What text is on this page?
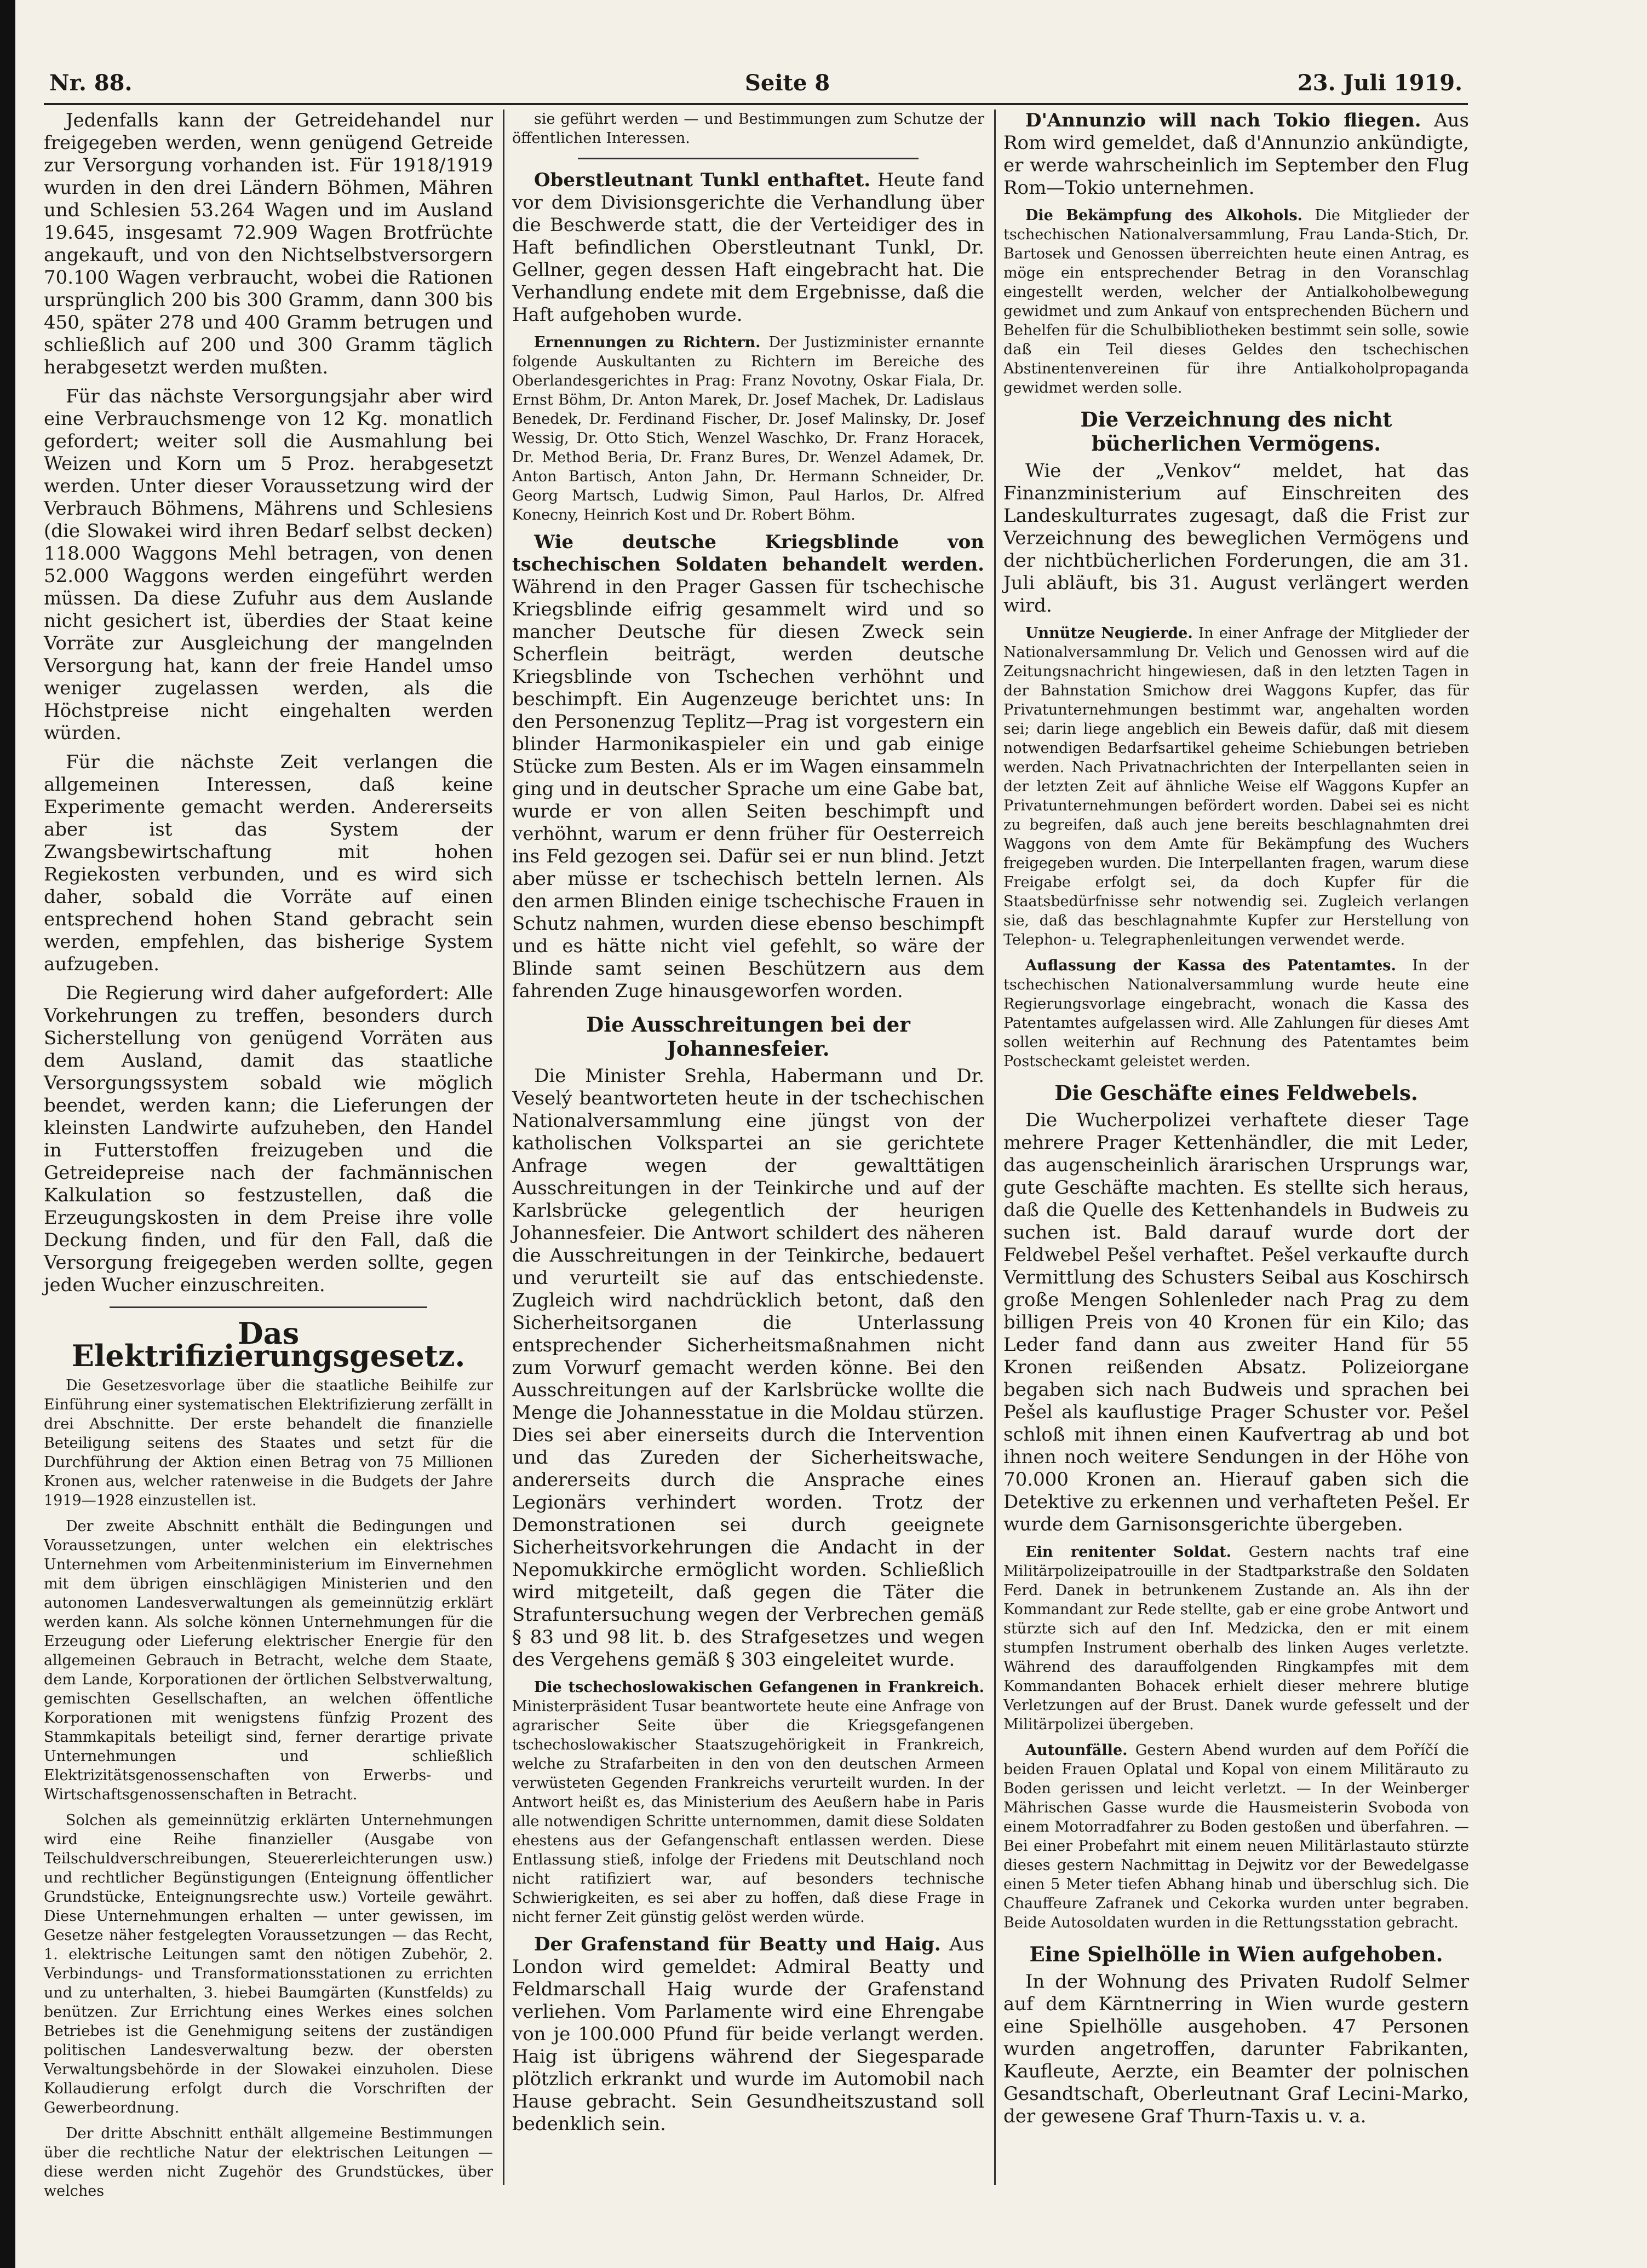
Nr. 88.	Seite 8	23. Juli 1919.

Jedenfalls kann der Getreidehandel nur freigegeben werden, wenn genügend Getreide zur Versorgung vorhanden ist. Für 1918/1919 wurden in den drei Ländern Böhmen, Mähren und Schlesien 53.264 Wagen und im Ausland 19.645, insgesamt 72.909 Wagen Brotfrüchte angekauft, und von den Nichtselbstversorgern 70.100 Wagen verbraucht, wobei die Rationen ursprünglich 200 bis 300 Gramm, dann 300 bis 450, später 278 und 400 Gramm betrugen und schließlich auf 200 und 300 Gramm täglich herabgesetzt werden mußten.

Für das nächste Versorgungsjahr aber wird eine Verbrauchsmenge von 12 Kg. monatlich gefordert; weiter soll die Ausmahlung bei Weizen und Korn um 5 Proz. herabgesetzt werden. Unter dieser Voraussetzung wird der Verbrauch Böhmens, Mährens und Schlesiens (die Slowakei wird ihren Bedarf selbst decken) 118.000 Waggons Mehl betragen, von denen 52.000 Waggons werden eingeführt werden müssen. Da diese Zufuhr aus dem Auslande nicht gesichert ist, überdies der Staat keine Vorräte zur Ausgleichung der mangelnden Versorgung hat, kann der freie Handel umso weniger zugelassen werden, als die Höchstpreise nicht eingehalten werden würden.

Für die nächste Zeit verlangen die allgemeinen Interessen, daß keine Experimente gemacht werden. Andererseits aber ist das System der Zwangsbewirtschaftung mit hohen Regiekosten verbunden, und es wird sich daher, sobald die Vorräte auf einen entsprechend hohen Stand gebracht sein werden, empfehlen, das bisherige System aufzugeben.

Die Regierung wird daher aufgefordert: Alle Vorkehrungen zu treffen, besonders durch Sicherstellung von genügend Vorräten aus dem Ausland, damit das staatliche Versorgungssystem sobald wie möglich beendet, werden kann; die Lieferungen der kleinsten Landwirte aufzuheben, den Handel in Futterstoffen freizugeben und die Getreidepreise nach der fachmännischen Kalkulation so festzustellen, daß die Erzeugungskosten in dem Preise ihre volle Deckung finden, und für den Fall, daß die Versorgung freigegeben werden sollte, gegen jeden Wucher einzuschreiten.

Das Elektrifizierungsgesetz.

Die Gesetzesvorlage über die staatliche Beihilfe zur Einführung einer systematischen Elektrifizierung zerfällt in drei Abschnitte. Der erste behandelt die finanzielle Beteiligung seitens des Staates und setzt für die Durchführung der Aktion einen Betrag von 75 Millionen Kronen aus, welcher ratenweise in die Budgets der Jahre 1919—1928 einzustellen ist.

Der zweite Abschnitt enthält die Bedingungen und Voraussetzungen, unter welchen ein elektrisches Unternehmen vom Arbeitenministerium im Einvernehmen mit dem übrigen einschlägigen Ministerien und den autonomen Landesverwaltungen als gemeinnützig erklärt werden kann. Als solche können Unternehmungen für die Erzeugung oder Lieferung elektrischer Energie für den allgemeinen Gebrauch in Betracht, welche dem Staate, dem Lande, Korporationen der örtlichen Selbstverwaltung, gemischten Gesellschaften, an welchen öffentliche Korporationen mit wenigstens fünfzig Prozent des Stammkapitals beteiligt sind, ferner derartige private Unternehmungen und schließlich Elektrizitätsgenossenschaften von Erwerbs- und Wirtschaftsgenossenschaften in Betracht.

Solchen als gemeinnützig erklärten Unternehmungen wird eine Reihe finanzieller (Ausgabe von Teilschuldverschreibungen, Steuererleichterungen usw.) und rechtlicher Begünstigungen (Enteignung öffentlicher Grundstücke, Enteignungsrechte usw.) Vorteile gewährt. Diese Unternehmungen erhalten — unter gewissen, im Gesetze näher festgelegten Voraussetzungen — das Recht, 1. elektrische Leitungen samt den nötigen Zubehör, 2. Verbindungs- und Transformationsstationen zu errichten und zu unterhalten, 3. hiebei Baumgärten (Kunstfelds) zu benützen. Zur Errichtung eines Werkes eines solchen Betriebes ist die Genehmigung seitens der zuständigen politischen Landesverwaltung bezw. der obersten Verwaltungsbehörde in der Slowakei einzuholen. Diese Kollaudierung erfolgt durch die Vorschriften der Gewerbeordnung.

Der dritte Abschnitt enthält allgemeine Bestimmungen über die rechtliche Natur der elektrischen Leitungen — diese werden nicht Zugehör des Grundstückes, über welches

sie geführt werden — und Bestimmungen zum Schutze der öffentlichen Interessen.

Oberstleutnant Tunkl enthaftet. Heute fand vor dem Divisionsgerichte die Verhandlung über die Beschwerde statt, die der Verteidiger des in Haft befindlichen Oberstleutnant Tunkl, Dr. Gellner, gegen dessen Haft eingebracht hat. Die Verhandlung endete mit dem Ergebnisse, daß die Haft aufgehoben wurde.

Ernennungen zu Richtern. Der Justizminister ernannte folgende Auskultanten zu Richtern im Bereiche des Oberlandesgerichtes in Prag: Franz Novotny, Oskar Fiala, Dr. Ernst Böhm, Dr. Anton Marek, Dr. Josef Machek, Dr. Ladislaus Benedek, Dr. Ferdinand Fischer, Dr. Josef Malinsky, Dr. Josef Wessig, Dr. Otto Stich, Wenzel Waschko, Dr. Franz Horacek, Dr. Method Beria, Dr. Franz Bures, Dr. Wenzel Adamek, Dr. Anton Bartisch, Anton Jahn, Dr. Hermann Schneider, Dr. Georg Martsch, Ludwig Simon, Paul Harlos, Dr. Alfred Konecny, Heinrich Kost und Dr. Robert Böhm.

Wie deutsche Kriegsblinde von tschechischen Soldaten behandelt werden. Während in den Prager Gassen für tschechische Kriegsblinde eifrig gesammelt wird und so mancher Deutsche für diesen Zweck sein Scherflein beiträgt, werden deutsche Kriegsblinde von Tschechen verhöhnt und beschimpft. Ein Augenzeuge berichtet uns: In den Personenzug Teplitz—Prag ist vorgestern ein blinder Harmonikaspieler ein und gab einige Stücke zum Besten. Als er im Wagen einsammeln ging und in deutscher Sprache um eine Gabe bat, wurde er von allen Seiten beschimpft und verhöhnt, warum er denn früher für Oesterreich ins Feld gezogen sei. Dafür sei er nun blind. Jetzt aber müsse er tschechisch betteln lernen. Als den armen Blinden einige tschechische Frauen in Schutz nahmen, wurden diese ebenso beschimpft und es hätte nicht viel gefehlt, so wäre der Blinde samt seinen Beschützern aus dem fahrenden Zuge hinausgeworfen worden.

Die Ausschreitungen bei der Johannesfeier.

Die Minister Srehla, Habermann und Dr. Veselý beantworteten heute in der tschechischen Nationalversammlung eine jüngst von der katholischen Volkspartei an sie gerichtete Anfrage wegen der gewalttätigen Ausschreitungen in der Teinkirche und auf der Karlsbrücke gelegentlich der heurigen Johannesfeier. Die Antwort schildert des näheren die Ausschreitungen in der Teinkirche, bedauert und verurteilt sie auf das entschiedenste. Zugleich wird nachdrücklich betont, daß den Sicherheitsorganen die Unterlassung entsprechender Sicherheitsmaßnahmen nicht zum Vorwurf gemacht werden könne. Bei den Ausschreitungen auf der Karlsbrücke wollte die Menge die Johannesstatue in die Moldau stürzen. Dies sei aber einerseits durch die Intervention und das Zureden der Sicherheitswache, andererseits durch die Ansprache eines Legionärs verhindert worden. Trotz der Demonstrationen sei durch geeignete Sicherheitsvorkehrungen die Andacht in der Nepomukkirche ermöglicht worden. Schließlich wird mitgeteilt, daß gegen die Täter die Strafuntersuchung wegen der Verbrechen gemäß § 83 und 98 lit. b. des Strafgesetzes und wegen des Vergehens gemäß § 303 eingeleitet wurde.

Die tschechoslowakischen Gefangenen in Frankreich. Ministerpräsident Tusar beantwortete heute eine Anfrage von agrarischer Seite über die Kriegsgefangenen tschechoslowakischer Staatszugehörigkeit in Frankreich, welche zu Strafarbeiten in den von den deutschen Armeen verwüsteten Gegenden Frankreichs verurteilt wurden. In der Antwort heißt es, das Ministerium des Aeußern habe in Paris alle notwendigen Schritte unternommen, damit diese Soldaten ehestens aus der Gefangenschaft entlassen werden. Diese Entlassung stieß, infolge der Friedens mit Deutschland noch nicht ratifiziert war, auf besonders technische Schwierigkeiten, es sei aber zu hoffen, daß diese Frage in nicht ferner Zeit günstig gelöst werden würde.

Der Grafenstand für Beatty und Haig. Aus London wird gemeldet: Admiral Beatty und Feldmarschall Haig wurde der Grafenstand verliehen. Vom Parlamente wird eine Ehrengabe von je 100.000 Pfund für beide verlangt werden. Haig ist übrigens während der Siegesparade plötzlich erkrankt und wurde im Automobil nach Hause gebracht. Sein Gesundheitszustand soll bedenklich sein.

D'Annunzio will nach Tokio fliegen. Aus Rom wird gemeldet, daß d'Annunzio ankündigte, er werde wahrscheinlich im September den Flug Rom—Tokio unternehmen.

Die Bekämpfung des Alkohols. Die Mitglieder der tschechischen Nationalversammlung, Frau Landa-Stich, Dr. Bartosek und Genossen überreichten heute einen Antrag, es möge ein entsprechender Betrag in den Voranschlag eingestellt werden, welcher der Antialkoholbewegung gewidmet und zum Ankauf von entsprechenden Büchern und Behelfen für die Schulbibliotheken bestimmt sein solle, sowie daß ein Teil dieses Geldes den tschechischen Abstinentenvereinen für ihre Antialkoholpropaganda gewidmet werden solle.

Die Verzeichnung des nicht bücherlichen Vermögens.

Wie der „Venkov“ meldet, hat das Finanzministerium auf Einschreiten des Landeskulturrates zugesagt, daß die Frist zur Verzeichnung des beweglichen Vermögens und der nichtbücherlichen Forderungen, die am 31. Juli abläuft, bis 31. August verlängert werden wird.

Unnütze Neugierde. In einer Anfrage der Mitglieder der Nationalversammlung Dr. Velich und Genossen wird auf die Zeitungsnachricht hingewiesen, daß in den letzten Tagen in der Bahnstation Smichow drei Waggons Kupfer, das für Privatunternehmungen bestimmt war, angehalten worden sei; darin liege angeblich ein Beweis dafür, daß mit diesem notwendigen Bedarfsartikel geheime Schiebungen betrieben werden. Nach Privatnachrichten der Interpellanten seien in der letzten Zeit auf ähnliche Weise elf Waggons Kupfer an Privatunternehmungen befördert worden. Dabei sei es nicht zu begreifen, daß auch jene bereits beschlagnahmten drei Waggons von dem Amte für Bekämpfung des Wuchers freigegeben wurden. Die Interpellanten fragen, warum diese Freigabe erfolgt sei, da doch Kupfer für die Staatsbedürfnisse sehr notwendig sei. Zugleich verlangen sie, daß das beschlagnahmte Kupfer zur Herstellung von Telephon- u. Telegraphenleitungen verwendet werde.

Auflassung der Kassa des Patentamtes. In der tschechischen Nationalversammlung wurde heute eine Regierungsvorlage eingebracht, wonach die Kassa des Patentamtes aufgelassen wird. Alle Zahlungen für dieses Amt sollen weiterhin auf Rechnung des Patentamtes beim Postscheckamt geleistet werden.

Die Geschäfte eines Feldwebels.

Die Wucherpolizei verhaftete dieser Tage mehrere Prager Kettenhändler, die mit Leder, das augenscheinlich ärarischen Ursprungs war, gute Geschäfte machten. Es stellte sich heraus, daß die Quelle des Kettenhandels in Budweis zu suchen ist. Bald darauf wurde dort der Feldwebel Pešel verhaftet. Pešel verkaufte durch Vermittlung des Schusters Seibal aus Koschirsch große Mengen Sohlenleder nach Prag zu dem billigen Preis von 40 Kronen für ein Kilo; das Leder fand dann aus zweiter Hand für 55 Kronen reißenden Absatz. Polizeiorgane begaben sich nach Budweis und sprachen bei Pešel als kauflustige Prager Schuster vor. Pešel schloß mit ihnen einen Kaufvertrag ab und bot ihnen noch weitere Sendungen in der Höhe von 70.000 Kronen an. Hierauf gaben sich die Detektive zu erkennen und verhafteten Pešel. Er wurde dem Garnisonsgerichte übergeben.

Ein renitenter Soldat. Gestern nachts traf eine Militärpolizeipatrouille in der Stadtparkstraße den Soldaten Ferd. Danek in betrunkenem Zustande an. Als ihn der Kommandant zur Rede stellte, gab er eine grobe Antwort und stürzte sich auf den Inf. Medzicka, den er mit einem stumpfen Instrument oberhalb des linken Auges verletzte. Während des darauffolgenden Ringkampfes mit dem Kommandanten Bohacek erhielt dieser mehrere blutige Verletzungen auf der Brust. Danek wurde gefesselt und der Militärpolizei übergeben.

Autounfälle. Gestern Abend wurden auf dem Poříčí die beiden Frauen Oplatal und Kopal von einem Militärauto zu Boden gerissen und leicht verletzt. — In der Weinberger Mährischen Gasse wurde die Hausmeisterin Svoboda von einem Motorradfahrer zu Boden gestoßen und überfahren. — Bei einer Probefahrt mit einem neuen Militärlastauto stürzte dieses gestern Nachmittag in Dejwitz vor der Bewedelgasse einen 5 Meter tiefen Abhang hinab und überschlug sich. Die Chauffeure Zafranek und Cekorka wurden unter begraben. Beide Autosoldaten wurden in die Rettungsstation gebracht.

Eine Spielhölle in Wien aufgehoben.

In der Wohnung des Privaten Rudolf Selmer auf dem Kärntnerring in Wien wurde gestern eine Spielhölle ausgehoben. 47 Personen wurden angetroffen, darunter Fabrikanten, Kaufleute, Aerzte, ein Beamter der polnischen Gesandtschaft, Oberleutnant Graf Lecini-Marko, der gewesene Graf Thurn-Taxis u. v. a.
